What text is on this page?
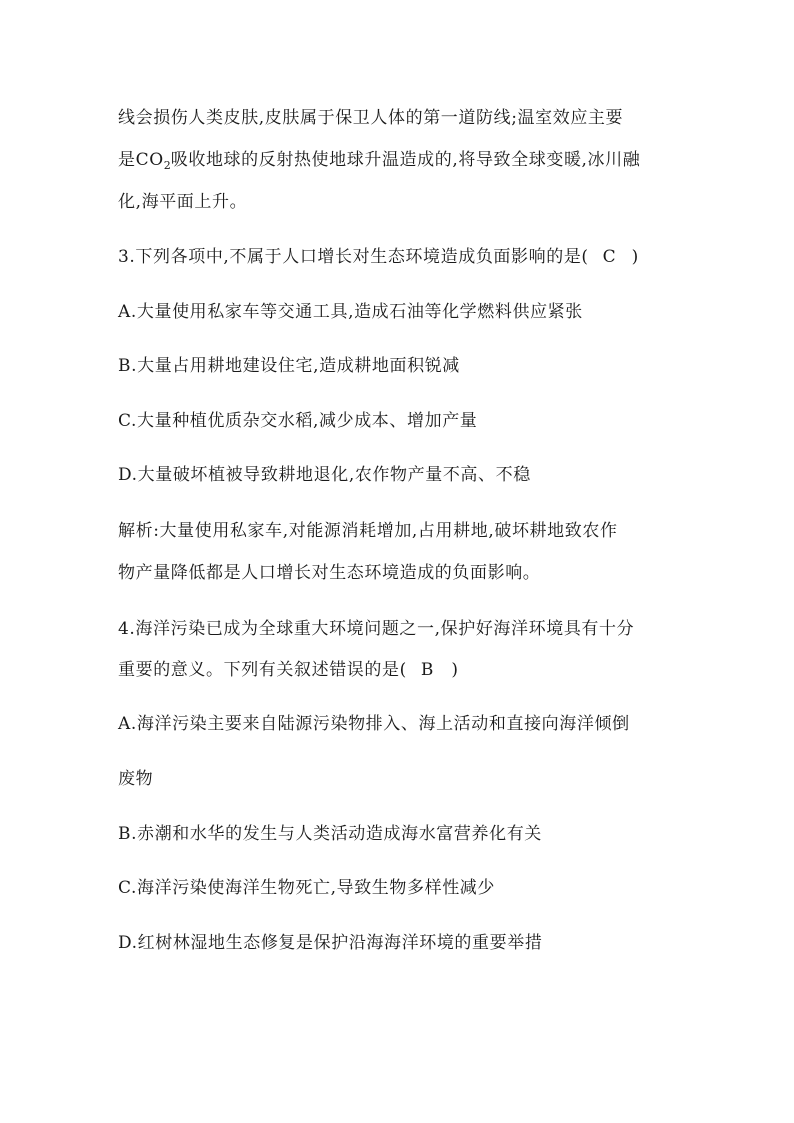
线会损伤人类皮肤,皮肤属于保卫人体的第一道防线;温室效应主要
是$CO_2$吸收地球的反射热使地球升温造成的,将导致全球变暖,冰川融
化,海平面上升。
3.下列各项中,不属于人口增长对生态环境造成负面影响的是( C )
A.大量使用私家车等交通工具,造成石油等化学燃料供应紧张
B.大量占用耕地建设住宅,造成耕地面积锐减
C.大量种植优质杂交水稻,减少成本、增加产量
D.大量破坏植被导致耕地退化,农作物产量不高、不稳
解析:大量使用私家车,对能源消耗增加,占用耕地,破坏耕地致农作
物产量降低都是人口增长对生态环境造成的负面影响。
4.海洋污染已成为全球重大环境问题之一,保护好海洋环境具有十分
重要的意义。下列有关叙述错误的是( B )
A.海洋污染主要来自陆源污染物排入、海上活动和直接向海洋倾倒
废物
B.赤潮和水华的发生与人类活动造成海水富营养化有关
C.海洋污染使海洋生物死亡,导致生物多样性减少
D.红树林湿地生态修复是保护沿海海洋环境的重要举措
